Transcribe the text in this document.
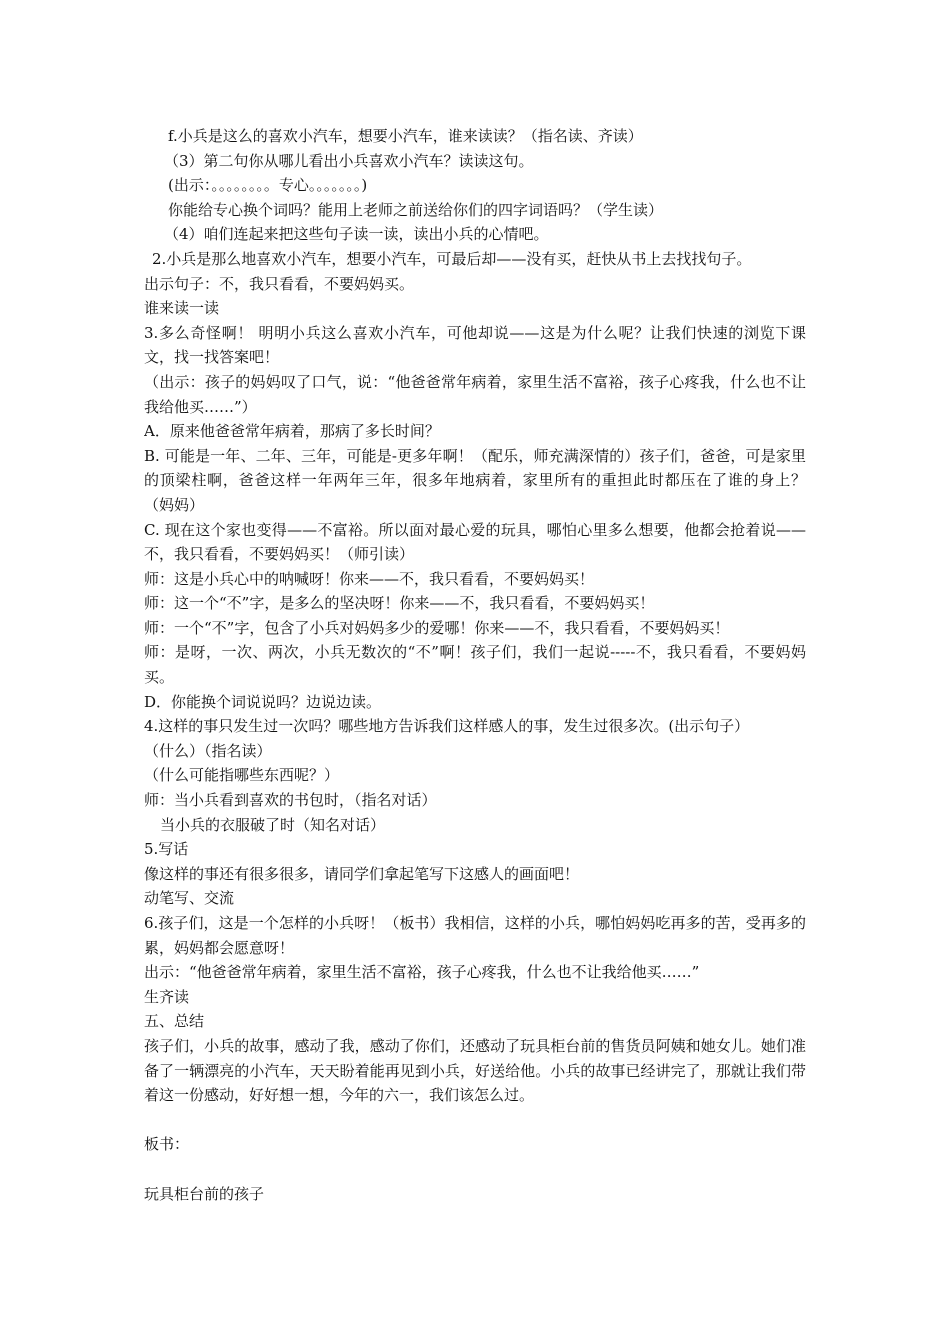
f.小兵是这么的喜欢小汽车，想要小汽车，谁来读读？（指名读、齐读）

（3）第二句你从哪儿看出小兵喜欢小汽车？读读这句。

(出示：。。。。。。。。专心。。。。。。。)

你能给专心换个词吗？能用上老师之前送给你们的四字词语吗？（学生读）

（4）咱们连起来把这些句子读一读，读出小兵的心情吧。

2.小兵是那么地喜欢小汽车，想要小汽车，可最后却——没有买，赶快从书上去找找句子。

出示句子：不，我只看看，不要妈妈买。

谁来读一读

3.多么奇怪啊！ 明明小兵这么喜欢小汽车，可他却说——这是为什么呢？让我们快速的浏览下课文，找一找答案吧！

（出示：孩子的妈妈叹了口气，说：“他爸爸常年病着，家里生活不富裕，孩子心疼我，什么也不让我给他买……”）

A．原来他爸爸常年病着，那病了多长时间？

B. 可能是一年、二年、三年，可能是-更多年啊！（配乐，师充满深情的）孩子们，爸爸，可是家里的顶梁柱啊，爸爸这样一年两年三年，很多年地病着，家里所有的重担此时都压在了谁的身上？ （妈妈）

C. 现在这个家也变得——不富裕。所以面对最心爱的玩具，哪怕心里多么想要，他都会抢着说——不，我只看看，不要妈妈买！（师引读）

师：这是小兵心中的呐喊呀！你来——不，我只看看，不要妈妈买！

师：这一个“不”字，是多么的坚决呀！你来——不，我只看看，不要妈妈买！

师：一个“不”字，包含了小兵对妈妈多少的爱哪！你来——不，我只看看，不要妈妈买！

师：是呀，一次、两次，小兵无数次的“不”啊！孩子们，我们一起说-----不，我只看看，不要妈妈买。

D．你能换个词说说吗？边说边读。

4.这样的事只发生过一次吗？哪些地方告诉我们这样感人的事，发生过很多次。(出示句子）

（什么）（指名读）

（什么可能指哪些东西呢？）

师：当小兵看到喜欢的书包时，（指名对话）

当小兵的衣服破了时（知名对话）

5.写话

像这样的事还有很多很多，请同学们拿起笔写下这感人的画面吧！

动笔写、交流

6.孩子们，这是一个怎样的小兵呀！（板书）我相信，这样的小兵，哪怕妈妈吃再多的苦，受再多的累，妈妈都会愿意呀！

出示：“他爸爸常年病着，家里生活不富裕，孩子心疼我，什么也不让我给他买……”

生齐读

五、总结

孩子们，小兵的故事，感动了我，感动了你们，还感动了玩具柜台前的售货员阿姨和她女儿。她们准备了一辆漂亮的小汽车，天天盼着能再见到小兵，好送给他。小兵的故事已经讲完了，那就让我们带着这一份感动，好好想一想，今年的六一，我们该怎么过。

板书：

玩具柜台前的孩子
